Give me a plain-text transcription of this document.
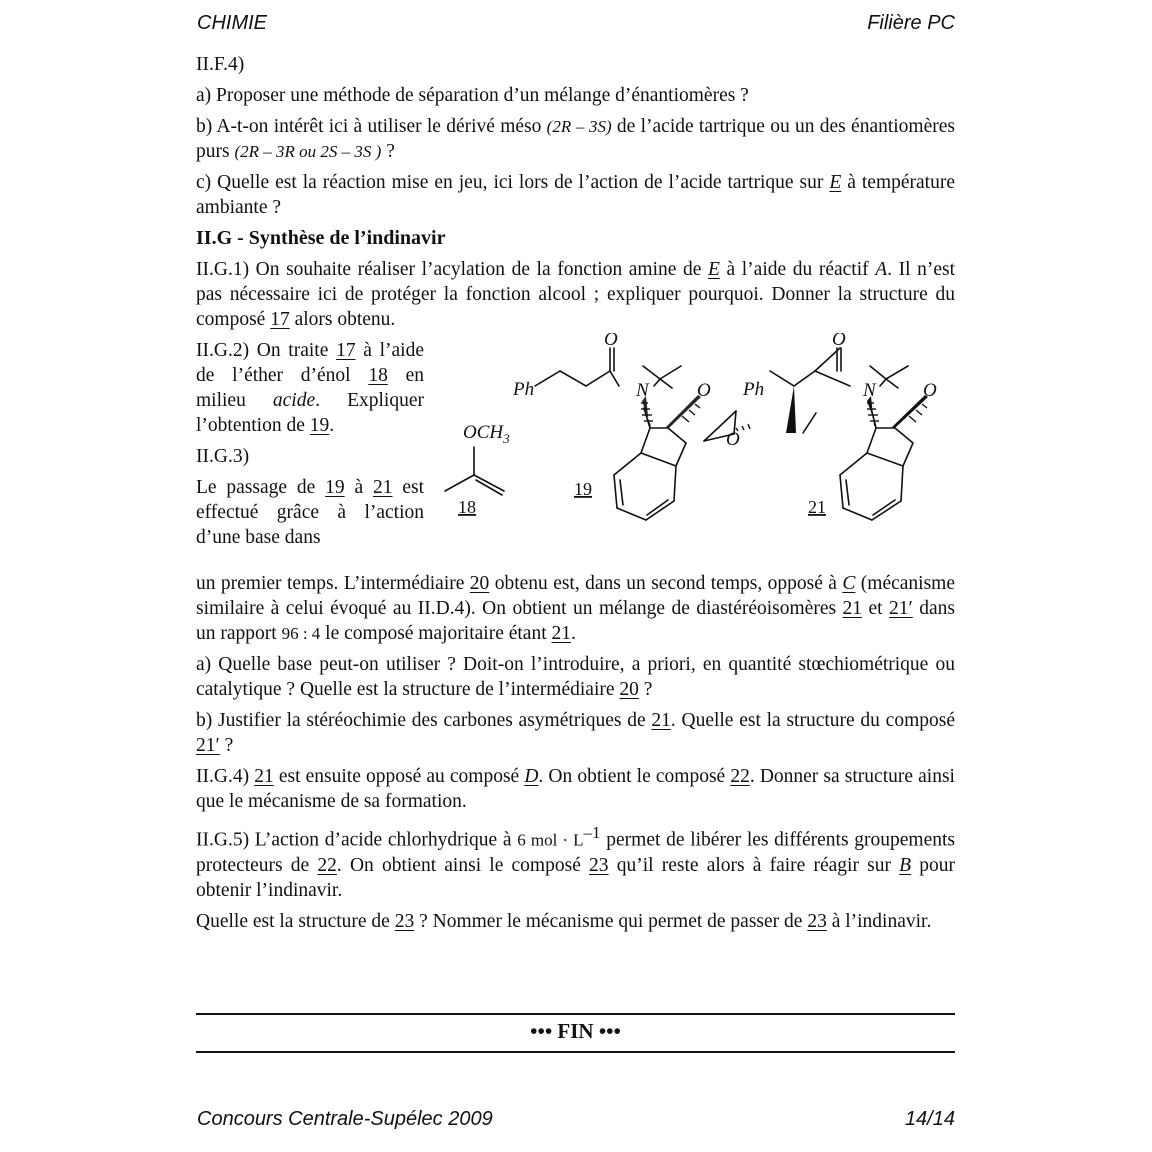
CHIMIE	Filière PC

II.F.4)

a) Proposer une méthode de séparation d’un mélange d’énantiomères ?

b) A-t-on intérêt ici à utiliser le dérivé méso (2R – 3S) de l’acide tartrique ou un des énantiomères purs (2R – 3R ou 2S – 3S ) ?

c) Quelle est la réaction mise en jeu, ici lors de l’action de l’acide tartrique sur E à température ambiante ?

II.G - Synthèse de l’indinavir

II.G.1) On souhaite réaliser l’acylation de la fonction amine de E à l’aide du réactif A. Il n’est pas nécessaire ici de protéger la fonction alcool ; expliquer pourquoi. Donner la structure du composé 17 alors obtenu.

II.G.2) On traite 17 à l’aide de l’éther d’énol 18 en milieu acide. Expliquer l’obtention de 19.

II.G.3)

Le passage de 19 à 21 est effectué grâce à l’action d’une base dans

Ph
O
N	O
$OCH_3$
Ph
O
N O
O
18
19
21

un premier temps. L’intermédiaire 20 obtenu est, dans un second temps, opposé à C (mécanisme similaire à celui évoqué au II.D.4). On obtient un mélange de diastéréoisomères 21 et 21′ dans un rapport 96 : 4 le composé majoritaire étant 21.

a) Quelle base peut-on utiliser ? Doit-on l’introduire, a priori, en quantité stœchiométrique ou catalytique ? Quelle est la structure de l’intermédiaire 20 ?

b) Justifier la stéréochimie des carbones asymétriques de 21. Quelle est la structure du composé 21′ ?

II.G.4) 21 est ensuite opposé au composé D. On obtient le composé 22. Donner sa structure ainsi que le mécanisme de sa formation.

II.G.5) L’action d’acide chlorhydrique à 6 mol · $L^{-1}$ permet de libérer les différents groupements protecteurs de 22. On obtient ainsi le composé 23 qu’il reste alors à faire réagir sur B pour obtenir l’indinavir.

Quelle est la structure de 23 ? Nommer le mécanisme qui permet de passer de 23 à l’indinavir.

••• FIN •••
Concours Centrale-Supélec 2009	14/14
